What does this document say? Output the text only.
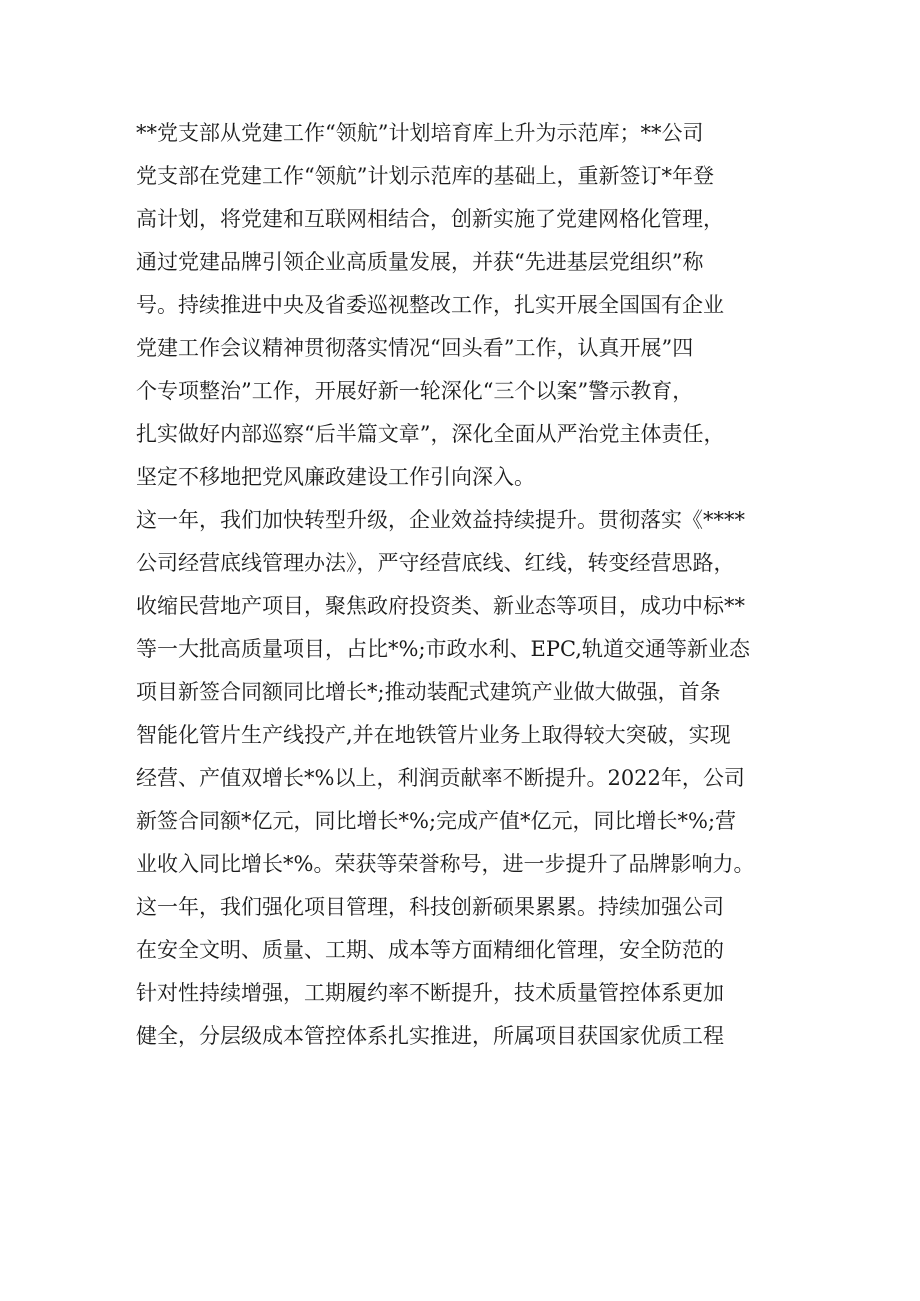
**党支部从党建工作“领航”计划培育库上升为示范库；**公司
党支部在党建工作“领航”计划示范库的基础上，重新签订*年登
高计划，将党建和互联网相结合，创新实施了党建网格化管理，
通过党建品牌引领企业高质量发展，并获“先进基层党组织”称
号。持续推进中央及省委巡视整改工作，扎实开展全国国有企业
党建工作会议精神贯彻落实情况“回头看”工作，认真开展”四
个专项整治”工作，开展好新一轮深化“三个以案”警示教育，
扎实做好内部巡察“后半篇文章”，深化全面从严治党主体责任，
坚定不移地把党风廉政建设工作引向深入。
这一年，我们加快转型升级，企业效益持续提升。贯彻落实《****
公司经营底线管理办法》，严守经营底线、红线，转变经营思路，
收缩民营地产项目，聚焦政府投资类、新业态等项目，成功中标**
等一大批高质量项目，占比*%;市政水利、EPC,轨道交通等新业态
项目新签合同额同比增长*;推动装配式建筑产业做大做强，首条
智能化管片生产线投产,并在地铁管片业务上取得较大突破，实现
经营、产值双增长*%以上，利润贡献率不断提升。2022年，公司
新签合同额*亿元，同比增长*%;完成产值*亿元，同比增长*%;营
业收入同比增长*%。荣获等荣誉称号，进一步提升了品牌影响力。
这一年，我们强化项目管理，科技创新硕果累累。持续加强公司
在安全文明、质量、工期、成本等方面精细化管理，安全防范的
针对性持续增强，工期履约率不断提升，技术质量管控体系更加
健全，分层级成本管控体系扎实推进，所属项目获国家优质工程
